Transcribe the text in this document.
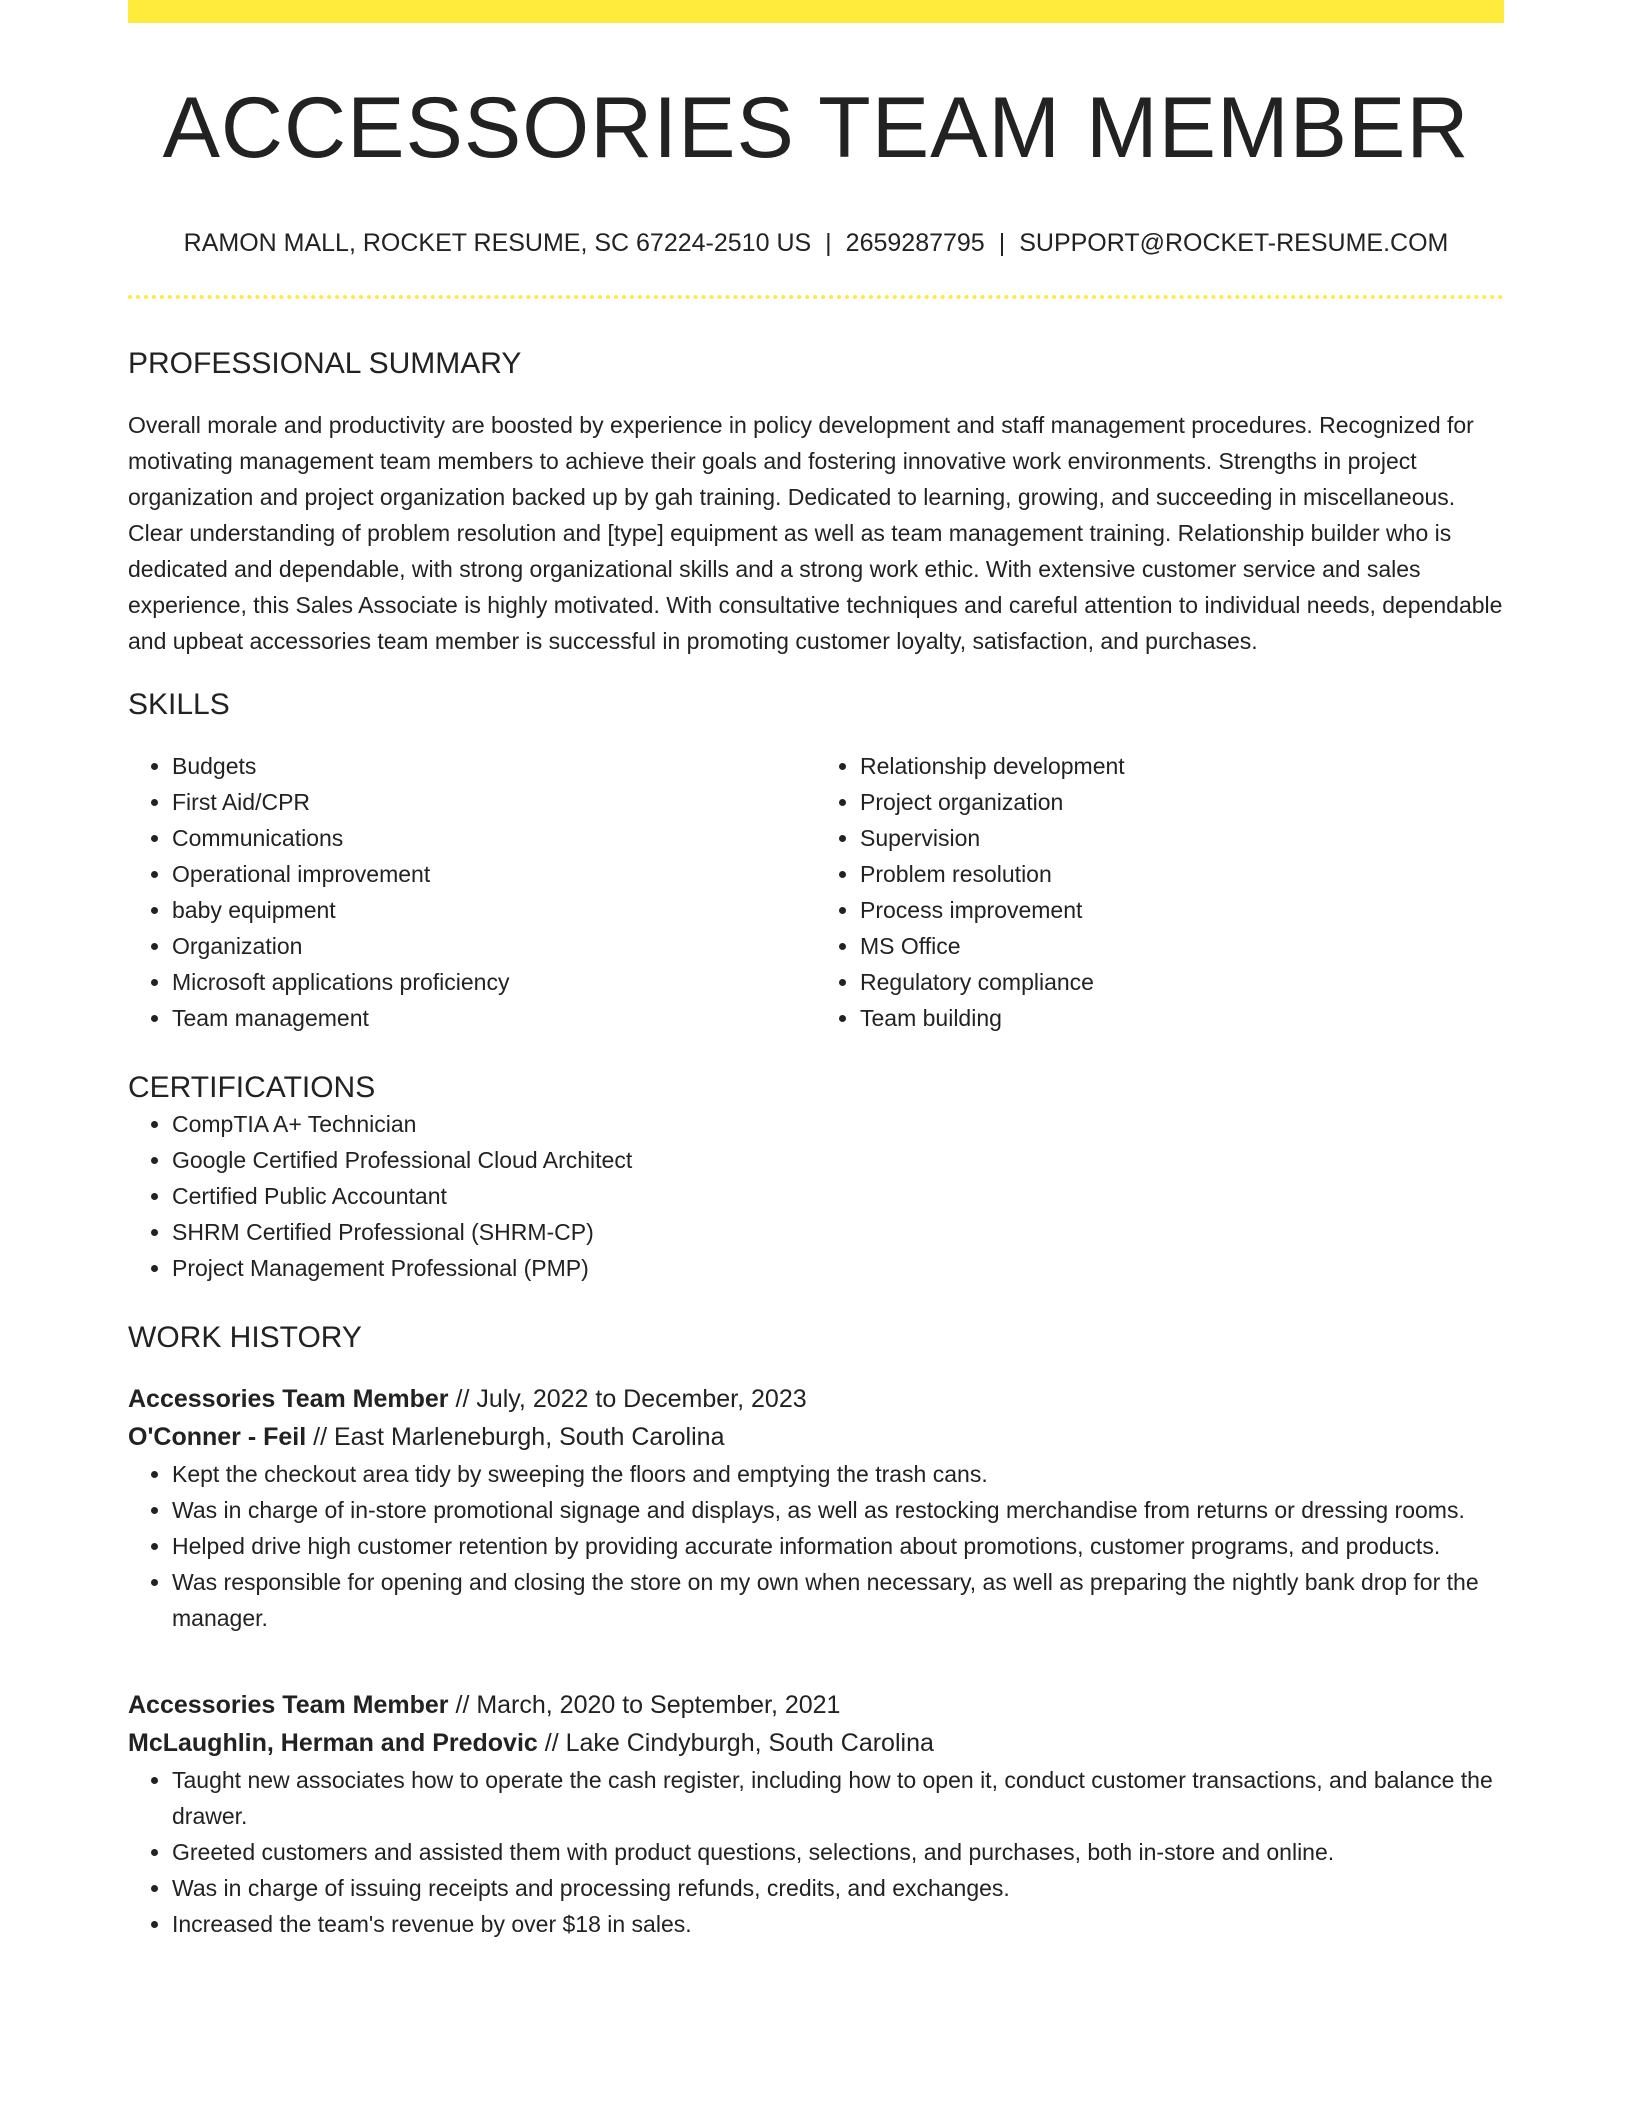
ACCESSORIES TEAM MEMBER
RAMON MALL, ROCKET RESUME, SC 67224-2510 US | 2659287795 | SUPPORT@ROCKET-RESUME.COM
PROFESSIONAL SUMMARY
Overall morale and productivity are boosted by experience in policy development and staff management procedures. Recognized for motivating management team members to achieve their goals and fostering innovative work environments. Strengths in project organization and project organization backed up by gah training. Dedicated to learning, growing, and succeeding in miscellaneous. Clear understanding of problem resolution and [type] equipment as well as team management training. Relationship builder who is dedicated and dependable, with strong organizational skills and a strong work ethic. With extensive customer service and sales experience, this Sales Associate is highly motivated. With consultative techniques and careful attention to individual needs, dependable and upbeat accessories team member is successful in promoting customer loyalty, satisfaction, and purchases.
SKILLS
• Budgets
• First Aid/CPR
• Communications
• Operational improvement
• baby equipment
• Organization
• Microsoft applications proficiency
• Team management
• Relationship development
• Project organization
• Supervision
• Problem resolution
• Process improvement
• MS Office
• Regulatory compliance
• Team building
CERTIFICATIONS
• CompTIA A+ Technician
• Google Certified Professional Cloud Architect
• Certified Public Accountant
• SHRM Certified Professional (SHRM-CP)
• Project Management Professional (PMP)
WORK HISTORY
Accessories Team Member // July, 2022 to December, 2023
O'Conner - Feil // East Marleneburgh, South Carolina
• Kept the checkout area tidy by sweeping the floors and emptying the trash cans.
• Was in charge of in-store promotional signage and displays, as well as restocking merchandise from returns or dressing rooms.
• Helped drive high customer retention by providing accurate information about promotions, customer programs, and products.
• Was responsible for opening and closing the store on my own when necessary, as well as preparing the nightly bank drop for the manager.
Accessories Team Member // March, 2020 to September, 2021
McLaughlin, Herman and Predovic // Lake Cindyburgh, South Carolina
• Taught new associates how to operate the cash register, including how to open it, conduct customer transactions, and balance the drawer.
• Greeted customers and assisted them with product questions, selections, and purchases, both in-store and online.
• Was in charge of issuing receipts and processing refunds, credits, and exchanges.
• Increased the team's revenue by over $18 in sales.
